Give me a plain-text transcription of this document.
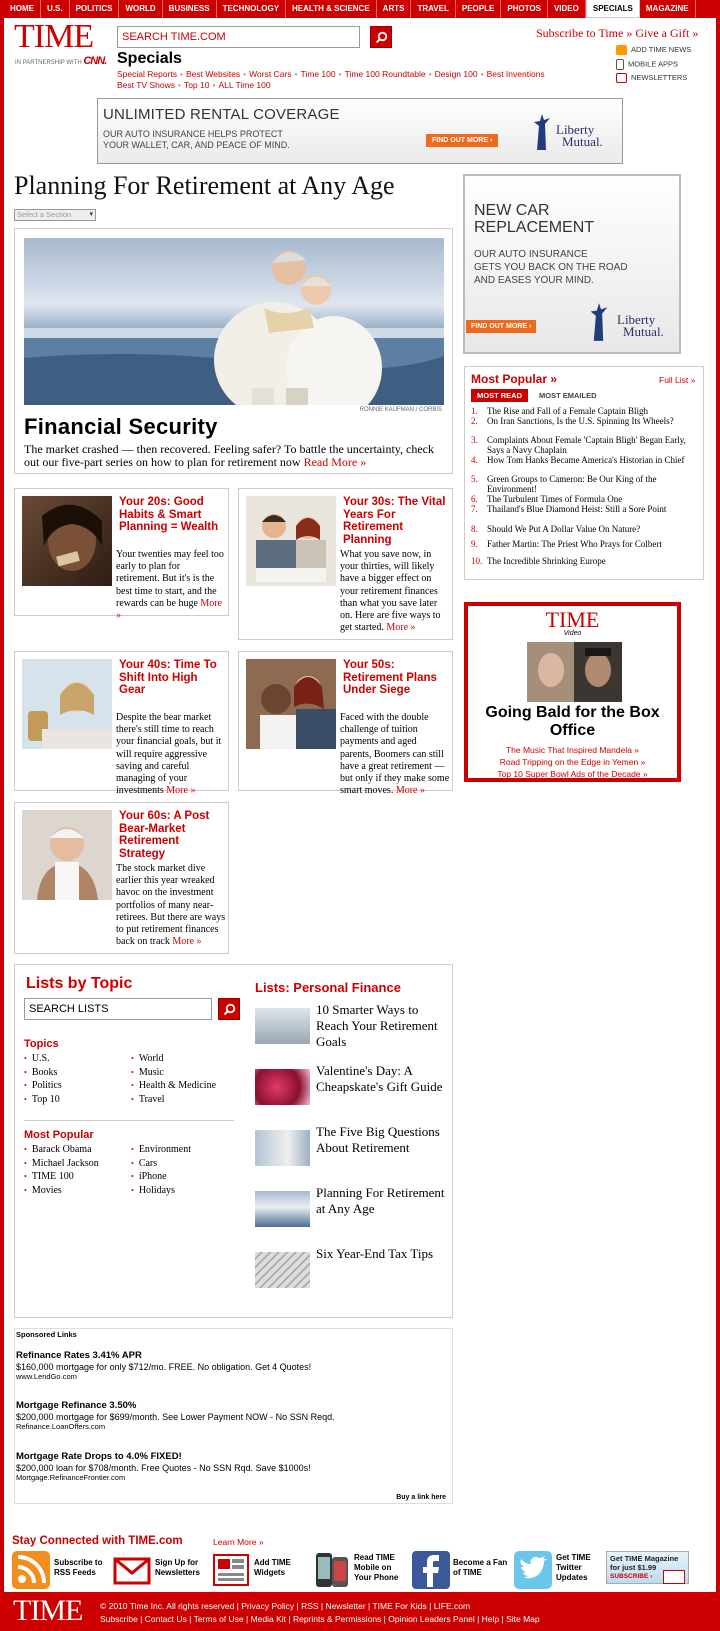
HOME	U.S.	POLITICS	WORLD	BUSINESS	TECHNOLOGY	HEALTH & SCIENCE	ARTS	TRAVEL	PEOPLE	PHOTOS	VIDEO	SPECIALS	MAGAZINE
TIME
IN PARTNERSHIP WITH CNN.
SEARCH TIME.COM
Specials
Special Reports • Best Websites • Worst Cars • Time 100 • Time 100 Roundtable • Design 100 • Best Inventions
Best TV Shows • Top 10 • ALL Time 100
Subscribe to Time » Give a Gift »
ADD TIME NEWS
MOBILE APPS
NEWSLETTERS
UNLIMITED RENTAL COVERAGE
OUR AUTO INSURANCE HELPS PROTECT
YOUR WALLET, CAR, AND PEACE OF MIND.	FIND OUT MORE ›
Liberty
Mutual.
Planning For Retirement at Any Age
Select a Section	▾
RONNIE KAUFMAN / CORBIS
Financial Security
The market crashed — then recovered. Feeling safer? To battle the uncertainty, check out our five-part series on how to plan for retirement now Read More »
Your 20s: Good Habits & Smart Planning = Wealth
Your twenties may feel too early to plan for retirement. But it's is the best time to start, and the rewards can be huge More »
Your 30s: The Vital Years For Retirement Planning
What you save now, in your thirties, will likely have a bigger effect on your retirement finances than what you save later on. Here are five ways to get started. More »
Your 40s: Time To Shift Into High Gear
Despite the bear market there's still time to reach your financial goals, but it will require aggressive saving and careful managing of your investments More »
Your 50s: Retirement Plans Under Siege
Faced with the double challenge of tuition payments and aged parents, Boomers can still have a great retirement — but only if they make some smart moves. More »
Your 60s: A Post Bear-Market Retirement Strategy
The stock market dive earlier this year wreaked havoc on the investment portfolios of many near-retirees. But there are ways to put retirement finances back on track More »
NEW CAR
REPLACEMENT
OUR AUTO INSURANCE
GETS YOU BACK ON THE ROAD
AND EASES YOUR MIND.
FIND OUT MORE ›	Liberty
Mutual.
Most Popular »	Full List »
MOST READ	MOST EMAILED
1.	The Rise and Fall of a Female Captain Bligh
2.	On Iran Sanctions, Is the U.S. Spinning Its Wheels?
3.	Complaints About Female 'Captain Bligh' Began Early, Says a Navy Chaplain
4.	How Tom Hanks Became America's Historian in Chief
5.	Green Groups to Cameron: Be Our King of the Environment!
6.	The Turbulent Times of Formula One
7.	Thailand's Blue Diamond Heist: Still a Sore Point
8.	Should We Put A Dollar Value On Nature?
9.	Father Martin: The Priest Who Prays for Colbert
10. The Incredible Shrinking Europe
TIME
Video
Going Bald for the Box Office
The Music That Inspired Mandela »
Road Tripping on the Edge in Yemen »
Top 10 Super Bowl Ads of the Decade »
Lists by Topic
SEARCH LISTS
Topics
• U.S.
• Books
• Politics
• Top 10
• World
• Music
• Health & Medicine
• Travel
Most Popular
• Barack Obama
• Michael Jackson
• TIME 100
• Movies
• Environment
• Cars
• iPhone
• Holidays
Lists: Personal Finance
10 Smarter Ways to Reach Your Retirement Goals
Valentine's Day: A Cheapskate's Gift Guide
The Five Big Questions About Retirement
Planning For Retirement at Any Age
Six Year-End Tax Tips
Sponsored Links
Refinance Rates 3.41% APR
$160,000 mortgage for only $712/mo. FREE. No obligation. Get 4 Quotes!
www.LendGo.com
Mortgage Refinance 3.50%
$200,000 mortgage for $699/month. See Lower Payment NOW - No SSN Reqd.
Refinance.LoanOffers.com
Mortgage Rate Drops to 4.0% FIXED!
$200,000 loan for $708/month. Free Quotes - No SSN Rqd. Save $1000s!
Mortgage.RefinanceFrontier.com
Buy a link here
Stay Connected with TIME.com	Learn More »
Subscribe to
RSS Feeds
Sign Up for
Newsletters
Add TIME
Widgets
Read TIME
Mobile on
Your Phone
Become a Fan
of TIME
Get TIME
Twitter
Updates
Get TIME Magazine
for just $1.99
SUBSCRIBE ›
TIME © 2010 Time Inc. All rights reserved | Privacy Policy | RSS | Newsletter | TIME For Kids | LIFE.com
Subscribe | Contact Us | Terms of Use | Media Kit | Reprints & Permissions | Opinion Leaders Panel | Help | Site Map
